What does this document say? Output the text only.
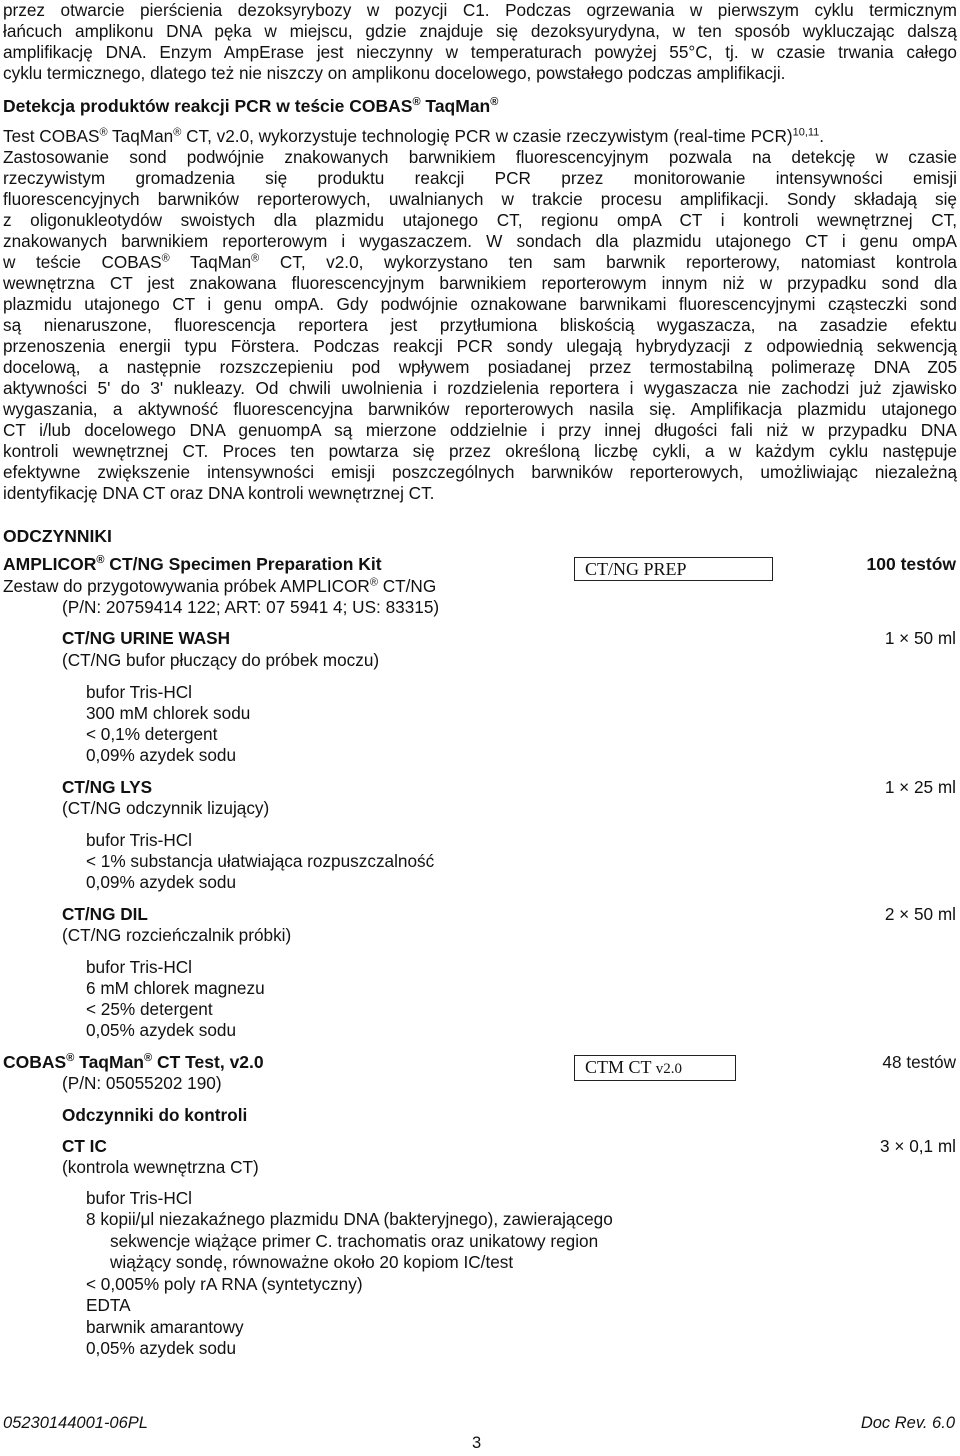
przez otwarcie pierścienia dezoksyrybozy w pozycji C1. Podczas ogrzewania w pierwszym cyklu termicznym
łańcuch amplikonu DNA pęka w miejscu, gdzie znajduje się dezoksyurydyna, w ten sposób wykluczając dalszą
amplifikację DNA. Enzym AmpErase jest nieczynny w temperaturach powyżej 55°C, tj. w czasie trwania całego
cyklu termicznego, dlatego też nie niszczy on amplikonu docelowego, powstałego podczas amplifikacji.
Detekcja produktów reakcji PCR w teście COBAS® TaqMan®
Test COBAS® TaqMan® CT, v2.0, wykorzystuje technologię PCR w czasie rzeczywistym (real-time PCR)$^{10,11}$.
Zastosowanie sond podwójnie znakowanych barwnikiem fluorescencyjnym pozwala na detekcję w czasie
rzeczywistym gromadzenia się produktu reakcji PCR przez monitorowanie intensywności emisji
fluorescencyjnych barwników reporterowych, uwalnianych w trakcie procesu amplifikacji. Sondy składają się
z oligonukleotydów swoistych dla plazmidu utajonego CT, regionu ompA CT i kontroli wewnętrznej CT,
znakowanych barwnikiem reporterowym i wygaszaczem. W sondach dla plazmidu utajonego CT i genu ompA
w teście COBAS® TaqMan® CT, v2.0, wykorzystano ten sam barwnik reporterowy, natomiast kontrola
wewnętrzna CT jest znakowana fluorescencyjnym barwnikiem reporterowym innym niż w przypadku sond dla
plazmidu utajonego CT i genu ompA. Gdy podwójnie oznakowane barwnikami fluorescencyjnymi cząsteczki sond
są nienaruszone, fluorescencja reportera jest przytłumiona bliskością wygaszacza, na zasadzie efektu
przenoszenia energii typu Förstera. Podczas reakcji PCR sondy ulegają hybrydyzacji z odpowiednią sekwencją
docelową, a następnie rozszczepieniu pod wpływem posiadanej przez termostabilną polimerazę DNA Z05
aktywności 5' do 3' nukleazy. Od chwili uwolnienia i rozdzielenia reportera i wygaszacza nie zachodzi już zjawisko
wygaszania, a aktywność fluorescencyjna barwników reporterowych nasila się. Amplifikacja plazmidu utajonego
CT i/lub docelowego DNA genuompA są mierzone oddzielnie i przy innej długości fali niż w przypadku DNA
kontroli wewnętrznej CT. Proces ten powtarza się przez określoną liczbę cykli, a w każdym cyklu następuje
efektywne zwiększenie intensywności emisji poszczególnych barwników reporterowych, umożliwiając niezależną
identyfikację DNA CT oraz DNA kontroli wewnętrznej CT.
ODCZYNNIKI
AMPLICOR® CT/NG Specimen Preparation Kit	CT/NG PREP	100 testów
Zestaw do przygotowywania próbek AMPLICOR® CT/NG
(P/N: 20759414 122; ART: 07 5941 4; US: 83315)
CT/NG URINE WASH	1 × 50 ml
(CT/NG bufor płuczący do próbek moczu)
bufor Tris-HCl
300 mM chlorek sodu
< 0,1% detergent
0,09% azydek sodu
CT/NG LYS	1 × 25 ml
(CT/NG odczynnik lizujący)
bufor Tris-HCl
< 1% substancja ułatwiająca rozpuszczalność
0,09% azydek sodu
CT/NG DIL	2 × 50 ml
(CT/NG rozcieńczalnik próbki)
bufor Tris-HCl
6 mM chlorek magnezu
< 25% detergent
0,05% azydek sodu
COBAS® TaqMan® CT Test, v2.0	CTM CT v2.0	48 testów
(P/N: 05055202 190)
Odczynniki do kontroli
CT IC	3 × 0,1 ml
(kontrola wewnętrzna CT)
bufor Tris-HCl
8 kopii/μl niezakaźnego plazmidu DNA (bakteryjnego), zawierającego
sekwencje wiążące primer C. trachomatis oraz unikatowy region
wiążący sondę, równoważne około 20 kopiom IC/test
< 0,005% poly rA RNA (syntetyczny)
EDTA
barwnik amarantowy
0,05% azydek sodu
05230144001-06PL
3
Doc Rev. 6.0
